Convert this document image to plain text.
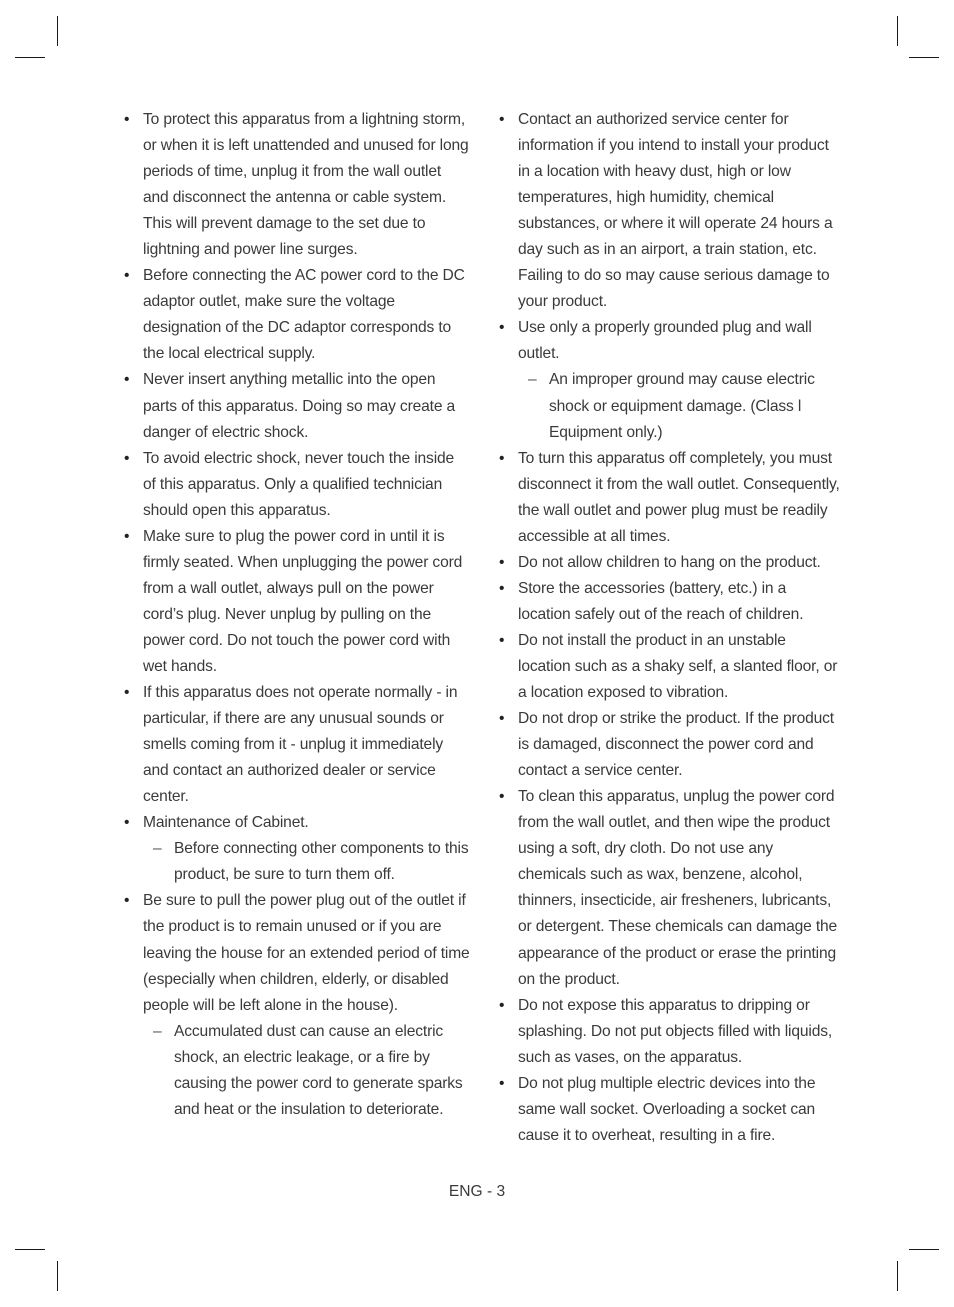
• To protect this apparatus from a lightning storm, or when it is left unattended and unused for long periods of time, unplug it from the wall outlet and disconnect the antenna or cable system. This will prevent damage to the set due to lightning and power line surges.
• Before connecting the AC power cord to the DC adaptor outlet, make sure the voltage designation of the DC adaptor corresponds to the local electrical supply.
• Never insert anything metallic into the open parts of this apparatus. Doing so may create a danger of electric shock.
• To avoid electric shock, never touch the inside of this apparatus. Only a qualified technician should open this apparatus.
• Make sure to plug the power cord in until it is firmly seated. When unplugging the power cord from a wall outlet, always pull on the power cord’s plug. Never unplug by pulling on the power cord. Do not touch the power cord with wet hands.
• If this apparatus does not operate normally - in particular, if there are any unusual sounds or smells coming from it - unplug it immediately and contact an authorized dealer or service center.
• Maintenance of Cabinet.
– Before connecting other components to this product, be sure to turn them off.
• Be sure to pull the power plug out of the outlet if the product is to remain unused or if you are leaving the house for an extended period of time (especially when children, elderly, or disabled people will be left alone in the house).
– Accumulated dust can cause an electric shock, an electric leakage, or a fire by causing the power cord to generate sparks and heat or the insulation to deteriorate.
• Contact an authorized service center for information if you intend to install your product in a location with heavy dust, high or low temperatures, high humidity, chemical substances, or where it will operate 24 hours a day such as in an airport, a train station, etc. Failing to do so may cause serious damage to your product.
• Use only a properly grounded plug and wall outlet.
– An improper ground may cause electric shock or equipment damage. (Class l Equipment only.)
• To turn this apparatus off completely, you must disconnect it from the wall outlet. Consequently, the wall outlet and power plug must be readily accessible at all times.
• Do not allow children to hang on the product.
• Store the accessories (battery, etc.) in a location safely out of the reach of children.
• Do not install the product in an unstable location such as a shaky self, a slanted floor, or a location exposed to vibration.
• Do not drop or strike the product. If the product is damaged, disconnect the power cord and contact a service center.
• To clean this apparatus, unplug the power cord from the wall outlet, and then wipe the product using a soft, dry cloth. Do not use any chemicals such as wax, benzene, alcohol, thinners, insecticide, air fresheners, lubricants, or detergent. These chemicals can damage the appearance of the product or erase the printing on the product.
• Do not expose this apparatus to dripping or splashing. Do not put objects filled with liquids, such as vases, on the apparatus.
• Do not plug multiple electric devices into the same wall socket. Overloading a socket can cause it to overheat, resulting in a fire.
ENG - 3
